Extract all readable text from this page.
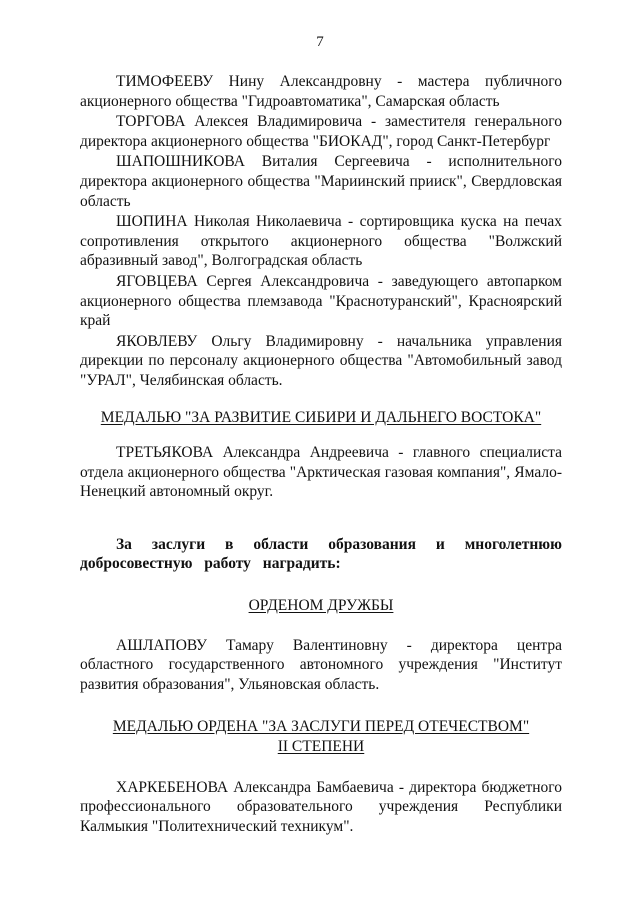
7

ТИМОФЕЕВУ Нину Александровну - мастера публичного акционерного общества "Гидроавтоматика", Самарская область

ТОРГОВА Алексея Владимировича - заместителя генерального директора акционерного общества "БИОКАД", город Санкт-Петербург

ШАПОШНИКОВА Виталия Сергеевича - исполнительного директора акционерного общества "Мариинский прииск", Свердловская область

ШОПИНА Николая Николаевича - сортировщика куска на печах сопротивления открытого акционерного общества "Волжский абразивный завод", Волгоградская область

ЯГОВЦЕВА Сергея Александровича - заведующего автопарком акционерного общества племзавода "Краснотуранский", Красноярский край

ЯКОВЛЕВУ Ольгу Владимировну - начальника управления дирекции по персоналу акционерного общества "Автомобильный завод "УРАЛ", Челябинская область.

МЕДАЛЬЮ "ЗА РАЗВИТИЕ СИБИРИ И ДАЛЬНЕГО ВОСТОКА"

ТРЕТЬЯКОВА Александра Андреевича - главного специалиста отдела акционерного общества "Арктическая газовая компания", Ямало-Ненецкий автономный округ.

За заслуги в области образования и многолетнюю добросовестную работу наградить:

ОРДЕНОМ ДРУЖБЫ

АШЛАПОВУ Тамару Валентиновну - директора центра областного государственного автономного учреждения "Институт развития образования", Ульяновская область.

МЕДАЛЬЮ ОРДЕНА "ЗА ЗАСЛУГИ ПЕРЕД ОТЕЧЕСТВОМ"
II СТЕПЕНИ

ХАРКЕБЕНОВА Александра Бамбаевича - директора бюджетного профессионального образовательного учреждения Республики Калмыкия "Политехнический техникум".
